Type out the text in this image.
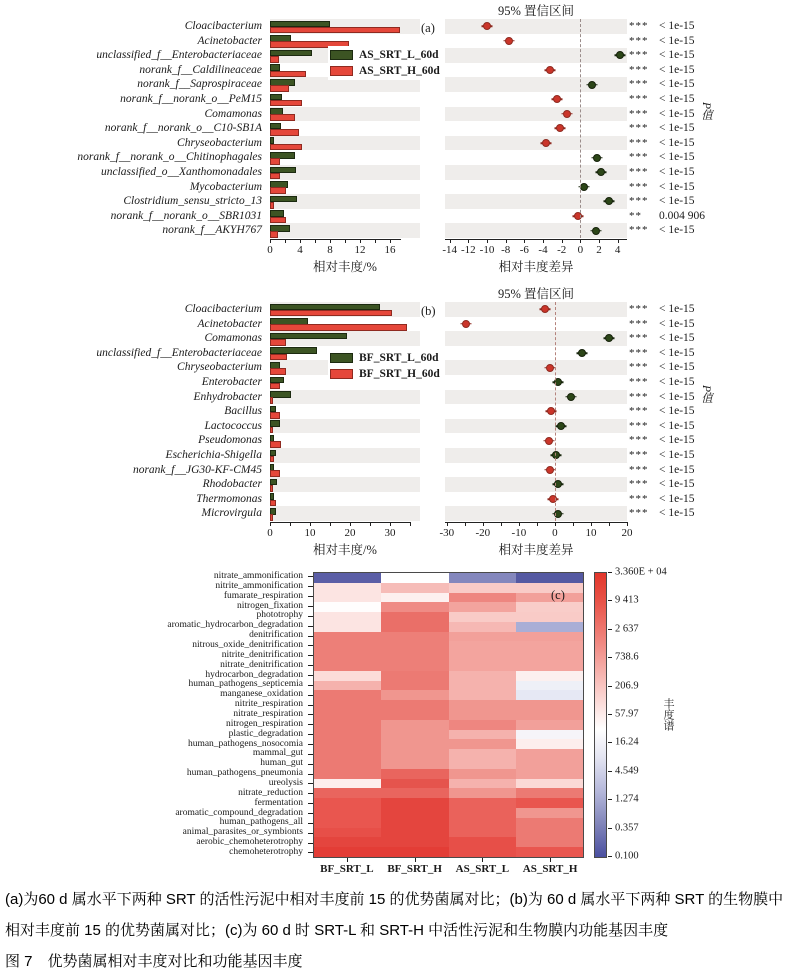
95% 置信区间
(a)
Cloacibacterium	*** < 1e-15
Acinetobacter	*** < 1e-15
unclassified_f__Enterobacteriaceae	*** < 1e-15
norank_f__Caldilineaceae	*** < 1e-15
norank_f__Saprospiraceae	*** < 1e-15
norank_f__norank_o__PeM15	*** < 1e-15
Comamonas	*** < 1e-15
norank_f__norank_o__C10-SB1A	*** < 1e-15
Chryseobacterium	*** < 1e-15
norank_f__norank_o__Chitinophagales	*** < 1e-15
unclassified_o__Xanthomonadales	*** < 1e-15
Mycobacterium	*** < 1e-15
Clostridium_sensu_stricto_13	*** < 1e-15
norank_f__norank_o__SBR1031	**	0.004 906
norank_f__AKYH767	*** < 1e-15
相对丰度/%
0 4 8 12 16
相对丰度差异
-14 -12 -10 -8 -6 -4 -2 0 2 4
AS_SRT_L_60d
AS_SRT_H_60d
P值
95% 置信区间
(b)
Cloacibacterium	*** < 1e-15
Acinetobacter	*** < 1e-15
Comamonas	*** < 1e-15
unclassified_f__Enterobacteriaceae	*** < 1e-15
Chryseobacterium	*** < 1e-15
Enterobacter	*** < 1e-15
Enhydrobacter	*** < 1e-15
Bacillus	*** < 1e-15
Lactococcus	*** < 1e-15
Pseudomonas	*** < 1e-15
Escherichia-Shigella	*** < 1e-15
norank_f__JG30-KF-CM45	*** < 1e-15
Rhodobacter	*** < 1e-15
Thermomonas	*** < 1e-15
Microvirgula	*** < 1e-15
相对丰度/%
0	10	20	30
相对丰度差异
-30 -20 -10 0	10 20
BF_SRT_L_60d
BF_SRT_H_60d
P值
nitrate_ammonification
nitrite_ammonification
fumarate_respiration
nitrogen_fixation
phototrophy
aromatic_hydrocarbon_degradation
denitrification
nitrous_oxide_denitrification
nitrite_denitrification
nitrate_denitrification
hydrocarbon_degradation
human_pathogens_septicemia
manganese_oxidation
nitrite_respiration
nitrate_respiration
nitrogen_respiration
plastic_degradation
human_pathogens_nosocomia
mammal_gut
human_gut
human_pathogens_pneumonia
ureolysis
nitrate_reduction
fermentation
aromatic_compound_degradation
human_pathogens_all
animal_parasites_or_symbionts
aerobic_chemoheterotrophy
chemoheterotrophy
BF_SRT_L	BF_SRT_H	AS_SRT_L	AS_SRT_H
3.360E + 04
9 413
2 637
738.6
206.9
57.97
16.24
4.549
1.274
0.357
0.100
丰度谱
(c)
(a)为60 d 属水平下两种 SRT 的活性污泥中相对丰度前 15 的优势菌属对比；(b)为 60 d 属水平下两种 SRT 的生物膜中
相对丰度前 15 的优势菌属对比；(c)为 60 d 时 SRT-L 和 SRT-H 中活性污泥和生物膜内功能基因丰度
图 7　优势菌属相对丰度对比和功能基因丰度
